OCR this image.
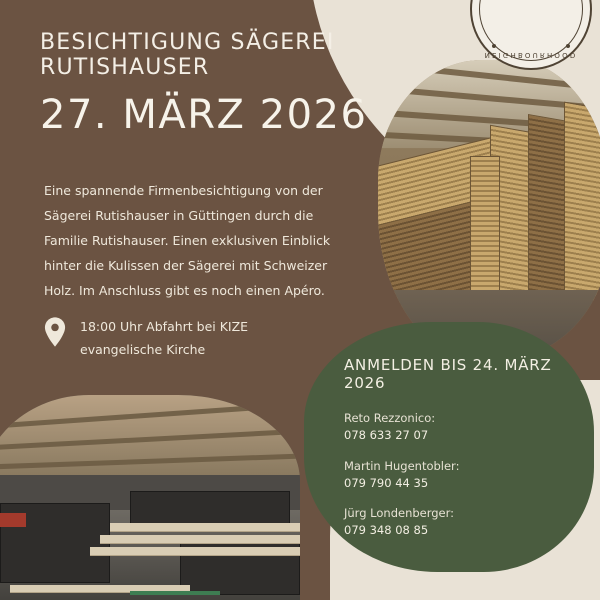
NEIGHBOURHOOD
BESICHTIGUNG SÄGEREI RUTISHAUSER
27. MÄRZ 2026
Eine spannende Firmenbesichtigung von der Sägerei Rutishauser in Güttingen durch die Familie Rutishauser. Einen exklusiven Einblick hinter die Kulissen der Sägerei mit Schweizer Holz. Im Anschluss gibt es noch einen Apéro.
18:00 Uhr Abfahrt bei KIZE
evangelische Kirche
ANMELDEN BIS 24. MÄRZ 2026
Reto Rezzonico:
078 633 27 07
Martin Hugentobler:
079 790 44 35
Jürg Londenberger:
079 348 08 85
